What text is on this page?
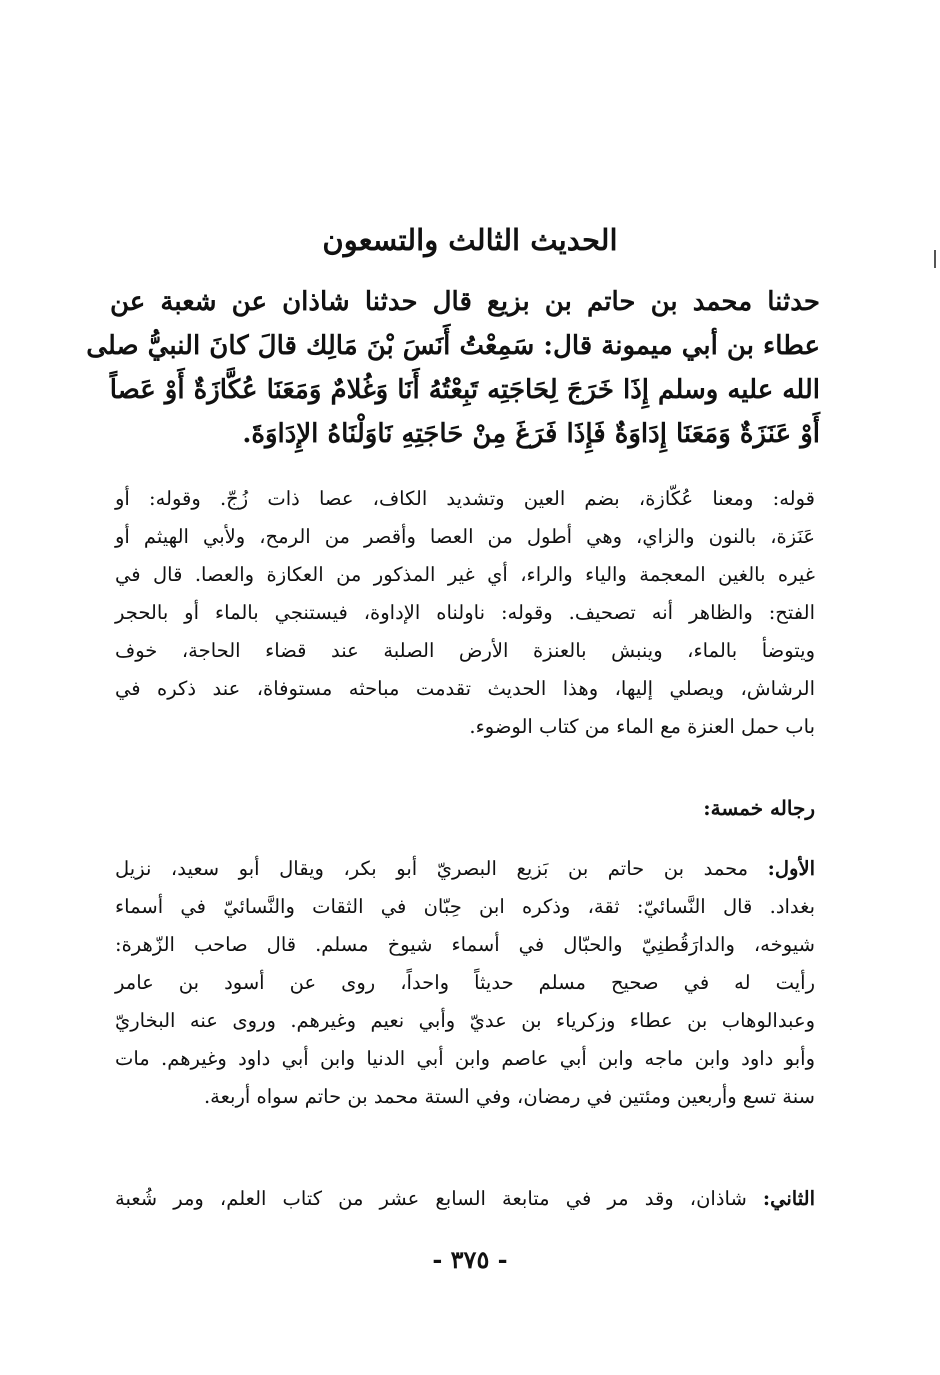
الحديث الثالث والتسعون
حدثنا محمد بن حاتم بن بزيع قال حدثنا شاذان عن شعبة عن
عطاء بن أبي ميمونة قال: سَمِعْتُ أَنَسَ بْنَ مَالِك قالَ كانَ النبيُّ صلى
الله عليه وسلم إِذَا خَرَجَ لِحَاجَتِه تَبِعْتُهُ أَنَا وَغُلامٌ وَمَعَنَا عُكَّازَةٌ أَوْ عَصاً
أَوْ عَنَزَةٌ وَمَعَنَا إِدَاوَةٌ فَإِذَا فَرَغَ مِنْ حَاجَتِهِ نَاوَلْنَاهُ الإِدَاوَةَ.
قوله: ومعنا عُكّازة، بضم العين وتشديد الكاف، عصا ذات زُجّ. وقوله: أو
عَنَزة، بالنون والزاي، وهي أطول من العصا وأقصر من الرمح، ولأبي الهيثم أو
غيره بالغين المعجمة والياء والراء، أي غير المذكور من العكازة والعصا. قال في
الفتح: والظاهر أنه تصحيف. وقوله: ناولناه الإداوة، فيستنجي بالماء أو بالحجر
ويتوضأ بالماء، وينبش بالعنزة الأرض الصلبة عند قضاء الحاجة، خوف
الرشاش، ويصلي إليها، وهذا الحديث تقدمت مباحثه مستوفاة، عند ذكره في
باب حمل العنزة مع الماء من كتاب الوضوء.
رجاله خمسة:
الأول: محمد بن حاتم بن بَزيع البصريّ أبو بكر، ويقال أبو سعيد، نزيل
بغداد. قال النَّسائيّ: ثقة، وذكره ابن حِبّان في الثقات والنَّسائيّ في أسماء
شيوخه، والدارَقُطنِيّ والحبّال في أسماء شيوخ مسلم. قال صاحب الزّهرة:
رأيت له في صحيح مسلم حديثاً واحداً، روى عن أسود بن عامر
وعبدالوهاب بن عطاء وزكرياء بن عديّ وأبي نعيم وغيرهم. وروى عنه البخاريّ
وأبو داود وابن ماجه وابن أبي عاصم وابن أبي الدنيا وابن أبي داود وغيرهم. مات
سنة تسع وأربعين ومئتين في رمضان، وفي الستة محمد بن حاتم سواه أربعة.
الثاني: شاذان، وقد مر في متابعة السابع عشر من كتاب العلم، ومر شُعبة
- ٣٧٥ -
